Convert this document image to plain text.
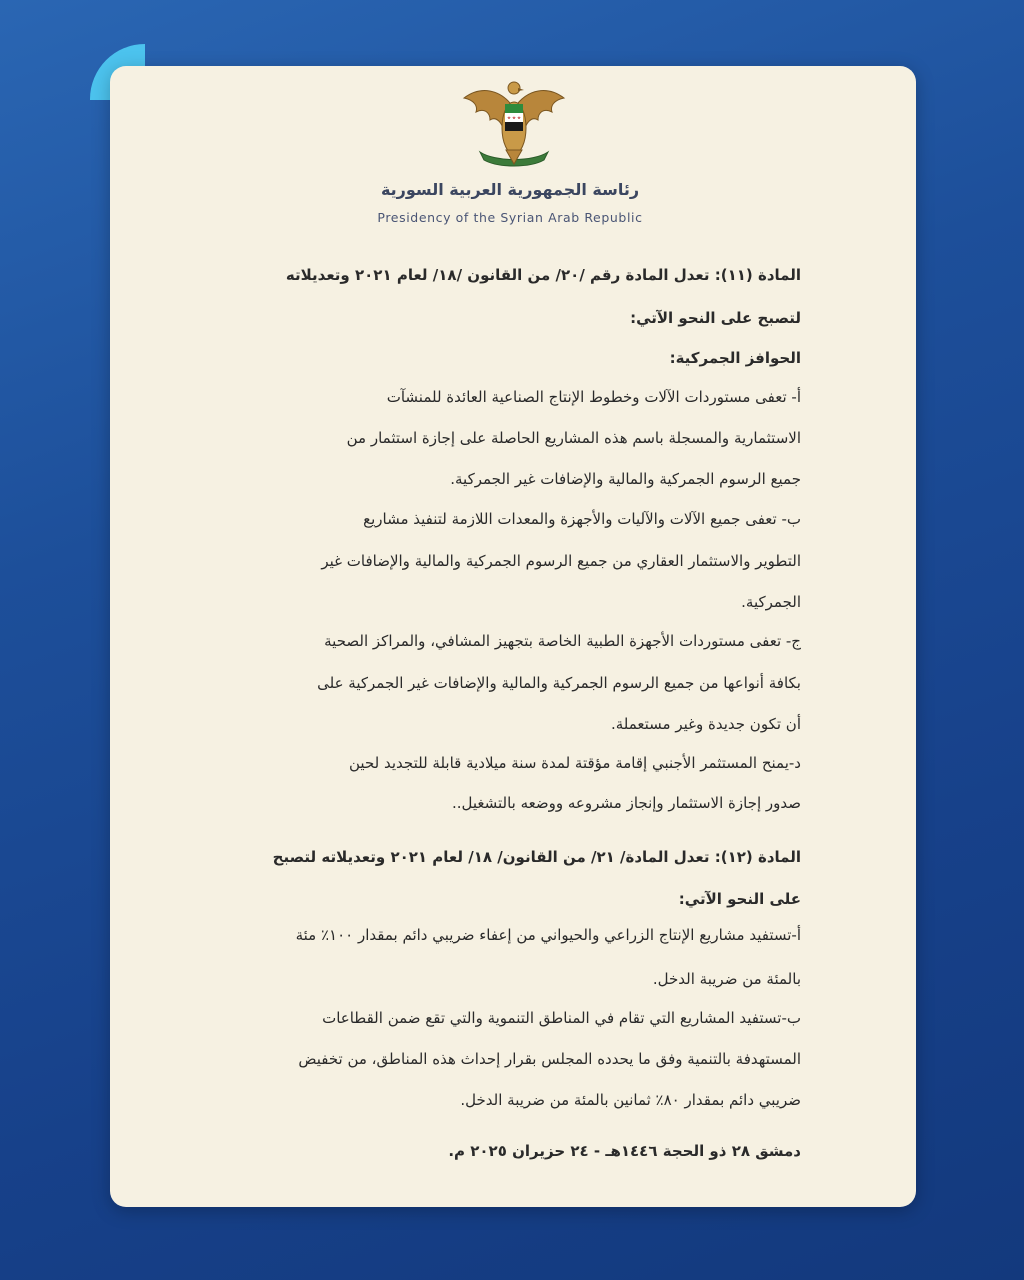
رئاسة الجمهورية العربية السورية
Presidency of the Syrian Arab Republic
المادة (١١): تعدل المادة رقم /٢٠/ من القانون /١٨/ لعام ٢٠٢١ وتعديلاته
لتصبح على النحو الآتي:
الحوافز الجمركية:
أ- تعفى مستوردات الآلات وخطوط الإنتاج الصناعية العائدة للمنشآت
الاستثمارية والمسجلة باسم هذه المشاريع الحاصلة على إجازة استثمار من
جميع الرسوم الجمركية والمالية والإضافات غير الجمركية.
ب- تعفى جميع الآلات والآليات والأجهزة والمعدات اللازمة لتنفيذ مشاريع
التطوير والاستثمار العقاري من جميع الرسوم الجمركية والمالية والإضافات غير
الجمركية.
ج- تعفى مستوردات الأجهزة الطبية الخاصة بتجهيز المشافي، والمراكز الصحية
بكافة أنواعها من جميع الرسوم الجمركية والمالية والإضافات غير الجمركية على
أن تكون جديدة وغير مستعملة.
د-يمنح المستثمر الأجنبي إقامة مؤقتة لمدة سنة ميلادية قابلة للتجديد لحين
صدور إجازة الاستثمار وإنجاز مشروعه ووضعه بالتشغيل..
المادة (١٢): تعدل المادة/ ٢١/ من القانون/ ١٨/ لعام ٢٠٢١ وتعديلاته لتصبح
على النحو الآتي:
أ-تستفيد مشاريع الإنتاج الزراعي والحيواني من إعفاء ضريبي دائم بمقدار ١٠٠٪ مئة
بالمئة من ضريبة الدخل.
ب-تستفيد المشاريع التي تقام في المناطق التنموية والتي تقع ضمن القطاعات
المستهدفة بالتنمية وفق ما يحدده المجلس بقرار إحداث هذه المناطق، من تخفيض
ضريبي دائم بمقدار ٨٠٪ ثمانين بالمئة من ضريبة الدخل.
دمشق ٢٨ ذو الحجة ١٤٤٦هـ - ٢٤ حزيران ٢٠٢٥ م.
